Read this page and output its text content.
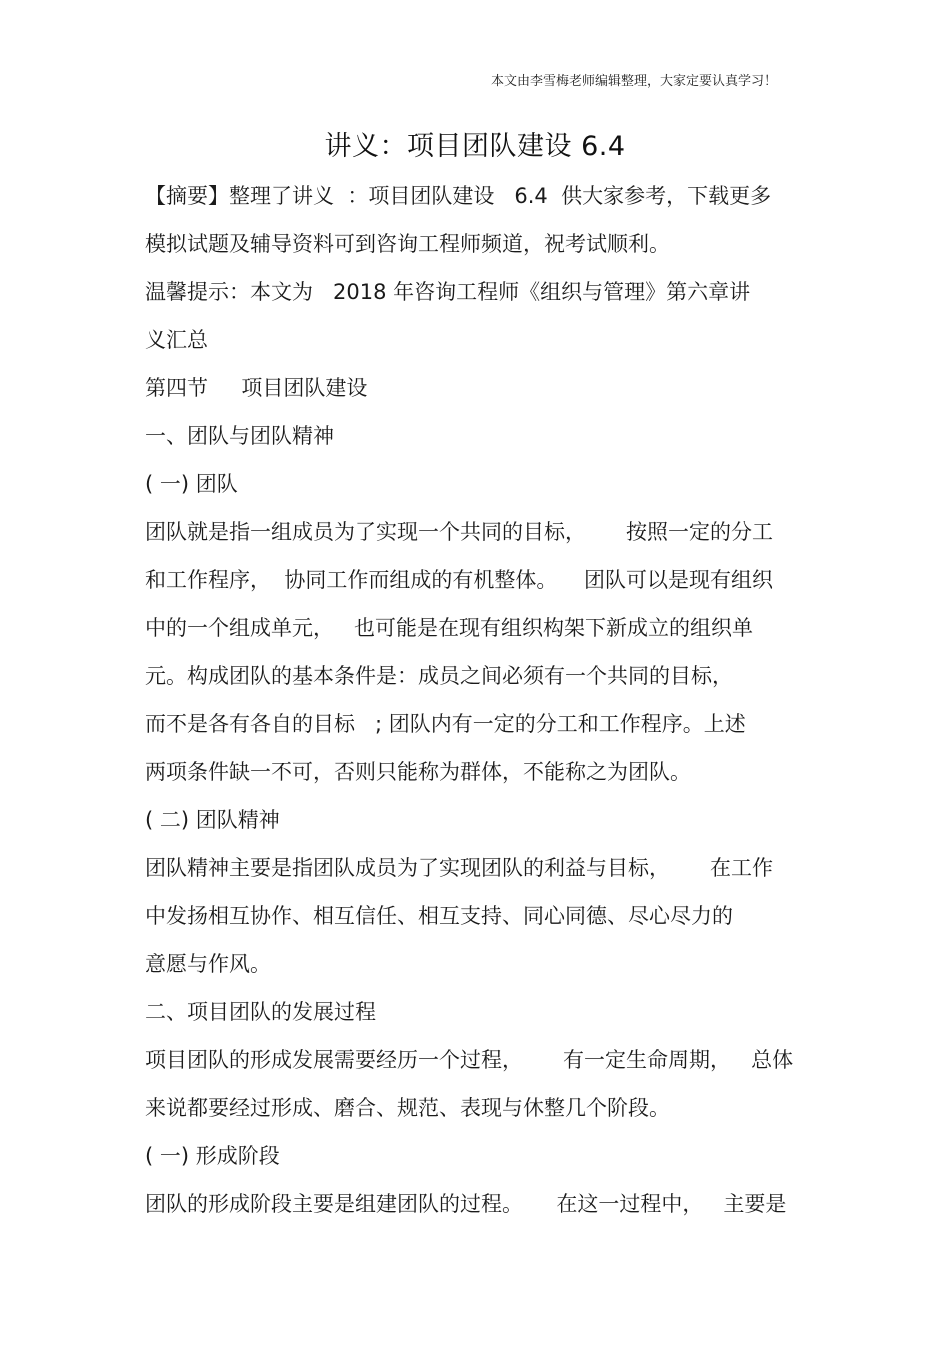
本文由李雪梅老师编辑整理，大家定要认真学习！
讲义：项目团队建设 6.4
【摘要】整理了讲义  ：项目团队建设   6.4  供大家参考，下载更多
模拟试题及辅导资料可到咨询工程师频道，祝考试顺利。
温馨提示：本文为   2018 年咨询工程师《组织与管理》第六章讲
义汇总
第四节     项目团队建设
一、团队与团队精神
( 一) 团队
团队就是指一组成员为了实现一个共同的目标，      按照一定的分工
和工作程序，  协同工作而组成的有机整体。    团队可以是现有组织
中的一个组成单元，   也可能是在现有组织构架下新成立的组织单
元。构成团队的基本条件是：成员之间必须有一个共同的目标，
而不是各有各自的目标   ; 团队内有一定的分工和工作程序。上述
两项条件缺一不可，否则只能称为群体，不能称之为团队。
( 二) 团队精神
团队精神主要是指团队成员为了实现团队的利益与目标，      在工作
中发扬相互协作、相互信任、相互支持、同心同德、尽心尽力的
意愿与作风。
二、项目团队的发展过程
项目团队的形成发展需要经历一个过程，      有一定生命周期，   总体
来说都要经过形成、磨合、规范、表现与休整几个阶段。
( 一) 形成阶段
团队的形成阶段主要是组建团队的过程。     在这一过程中，   主要是
